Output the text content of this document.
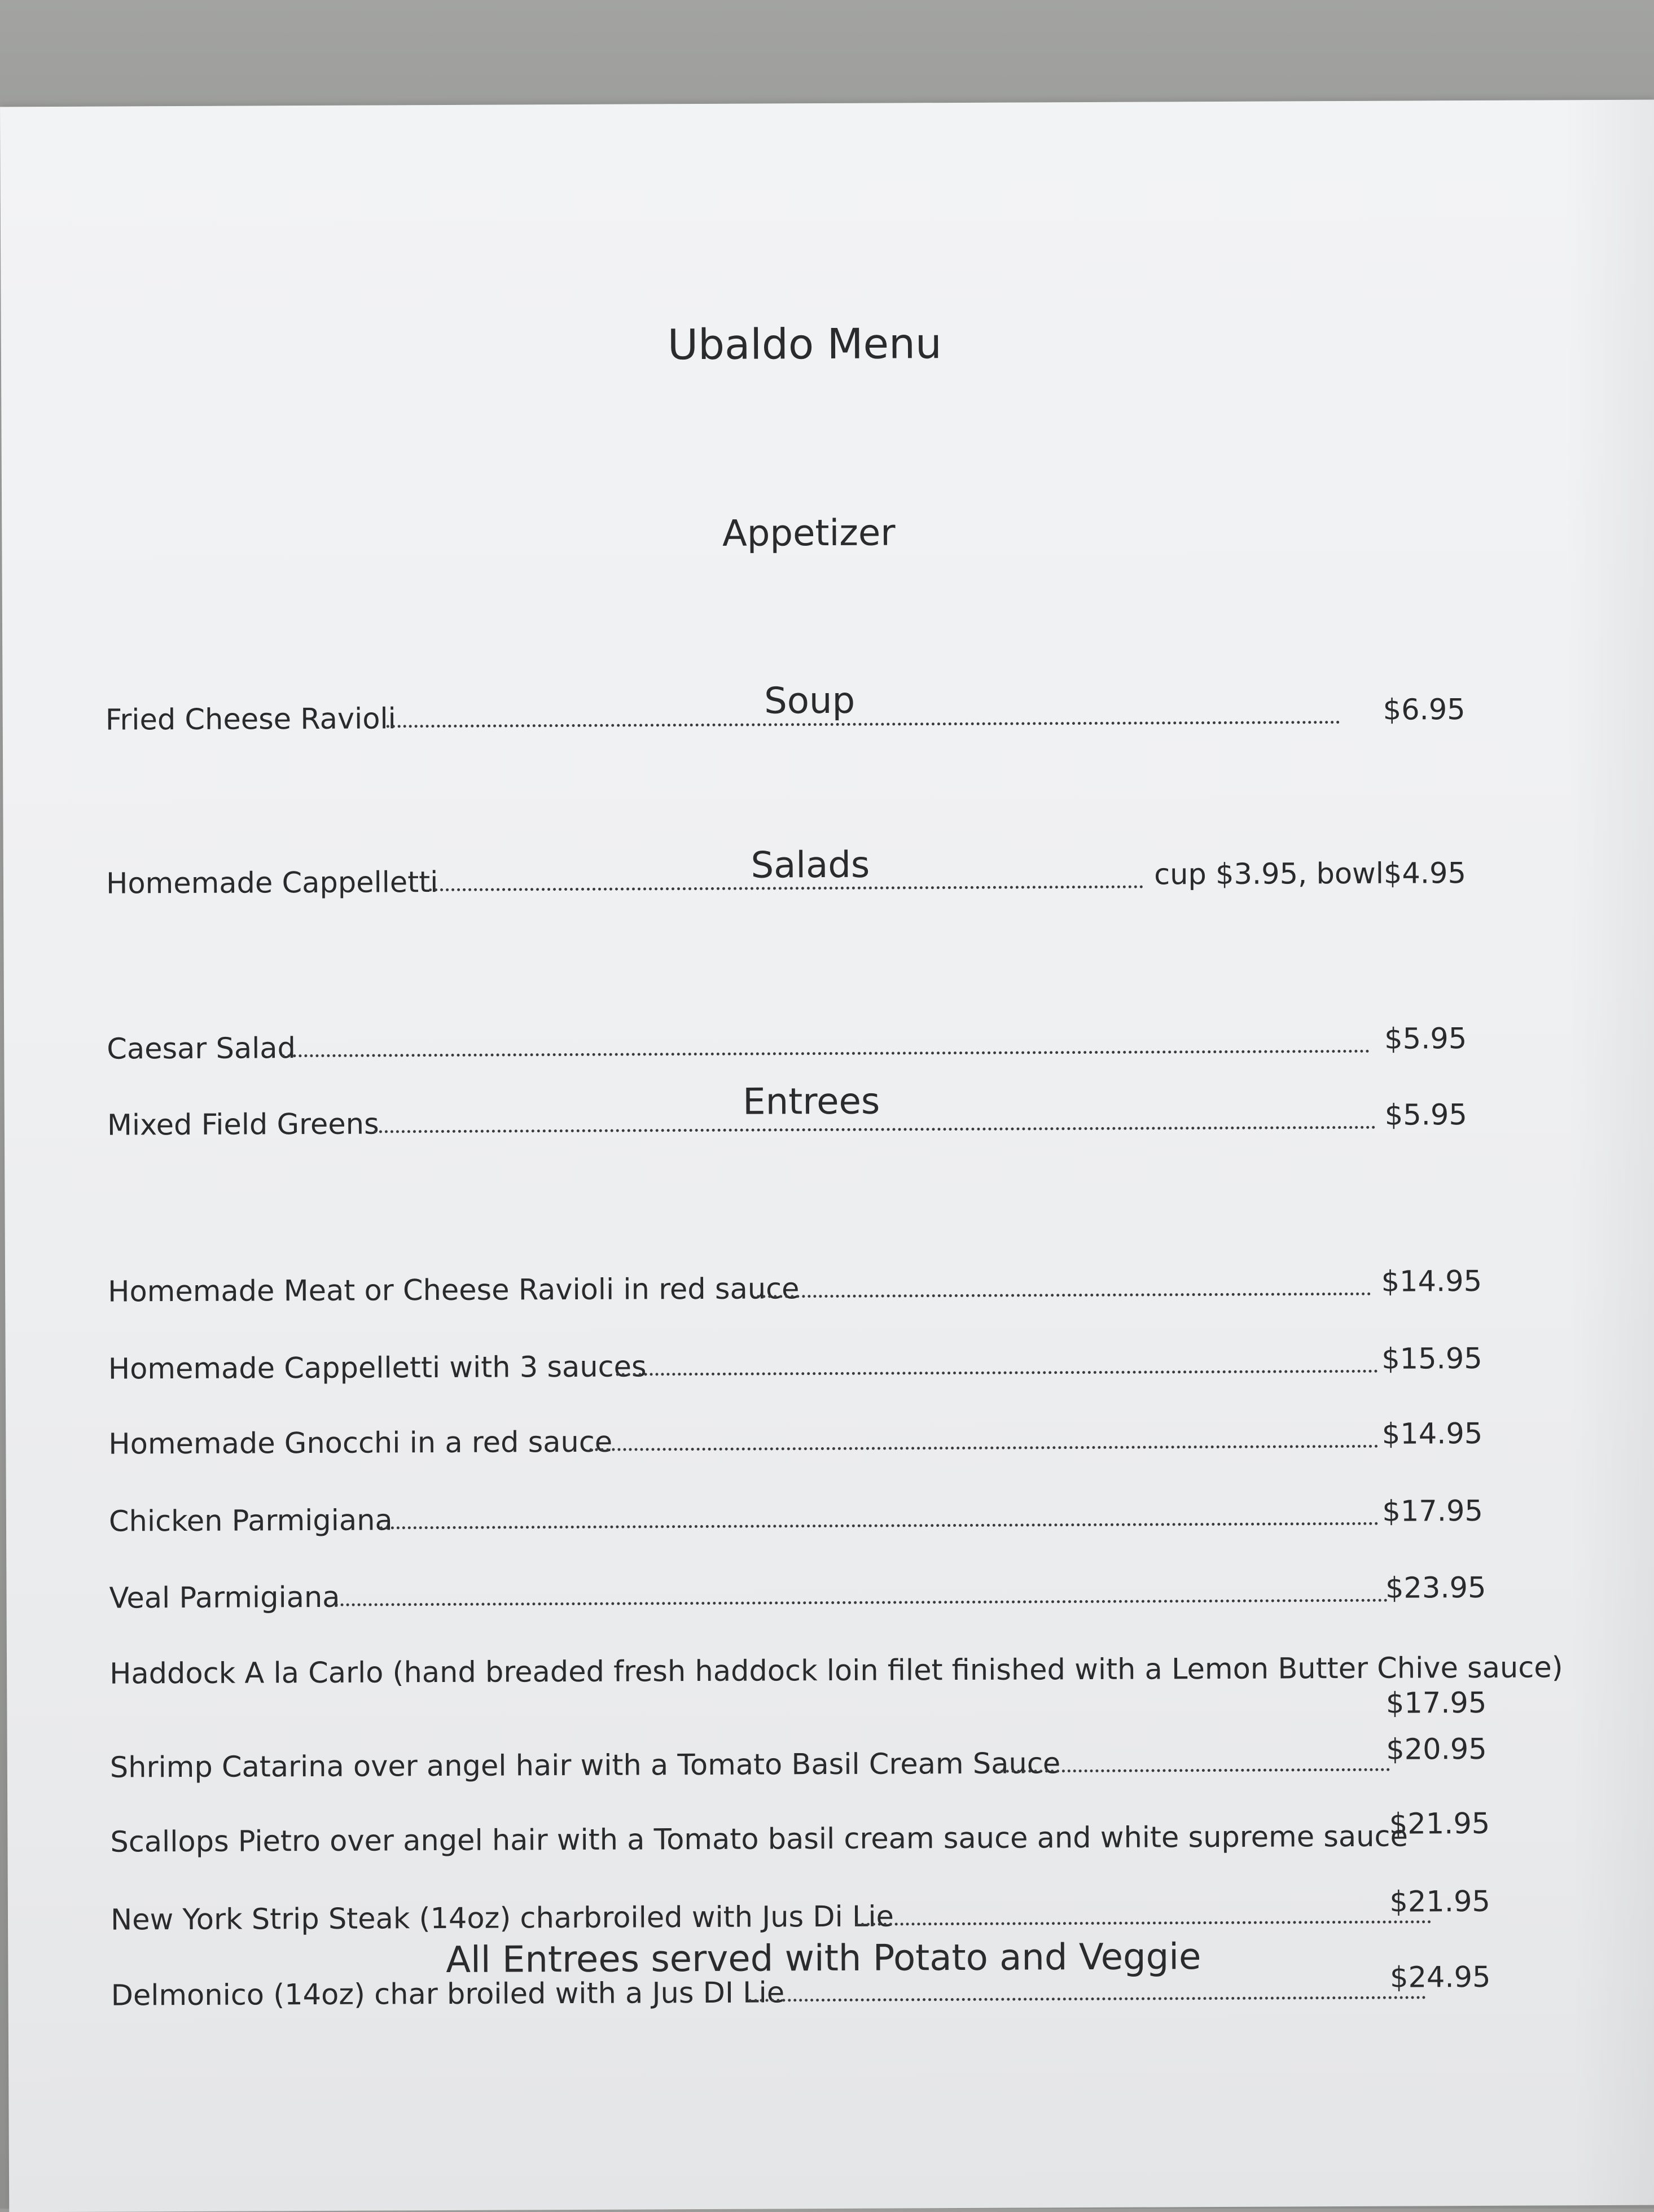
Ubaldo Menu
Appetizer
Fried Cheese Ravioli	$6.95
Soup
Homemade Cappelletti	cup $3.95, bowl$4.95
Salads
Caesar Salad	$5.95
Mixed Field Greens	$5.95
Entrees
Homemade Meat or Cheese Ravioli in red sauce	$14.95
Homemade Cappelletti with 3 sauces	$15.95
Homemade Gnocchi in a red sauce	$14.95
Chicken Parmigiana	$17.95
Veal Parmigiana	$23.95
Haddock A la Carlo (hand breaded fresh haddock loin filet finished with a Lemon Butter Chive sauce)
$17.95
Shrimp Catarina over angel hair with a Tomato Basil Cream Sauce	$20.95
Scallops Pietro over angel hair with a Tomato basil cream sauce and white supreme sauce
$21.95
New York Strip Steak (14oz) charbroiled with Jus Di Lie	$21.95
Delmonico (14oz) char broiled with a Jus DI Lie	$24.95
All Entrees served with Potato and Veggie
